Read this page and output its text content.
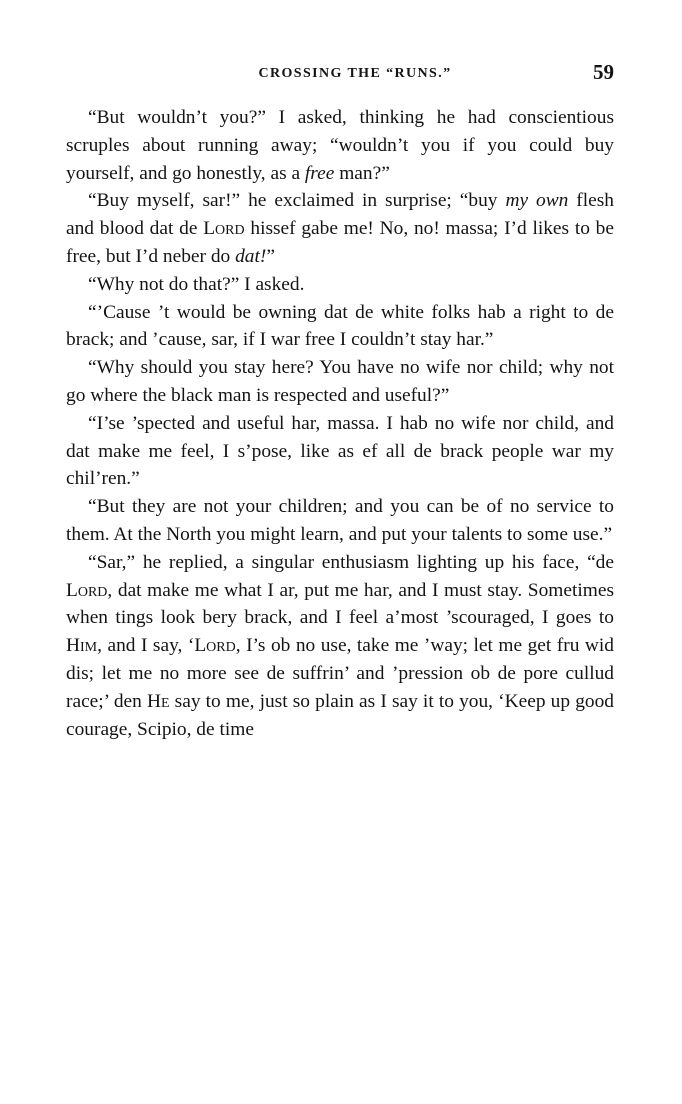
CROSSING THE “RUNS.”	59

“But wouldn’t you?” I asked, thinking he had conscientious scruples about running away; “wouldn’t you if you could buy yourself, and go honestly, as a free man?”

“Buy myself, sar!” he exclaimed in surprise; “buy my own flesh and blood dat de Lord hissef gabe me! No, no! massa; I’d likes to be free, but I’d neber do dat!”

“Why not do that?” I asked.

“’Cause ’t would be owning dat de white folks hab a right to de brack; and ’cause, sar, if I war free I couldn’t stay har.”

“Why should you stay here? You have no wife nor child; why not go where the black man is respected and useful?”

“I’se ’spected and useful har, massa. I hab no wife nor child, and dat make me feel, I s’pose, like as ef all de brack people war my chil’ren.”

“But they are not your children; and you can be of no service to them. At the North you might learn, and put your talents to some use.”

“Sar,” he replied, a singular enthusiasm lighting up his face, “de Lord, dat make me what I ar, put me har, and I must stay. Sometimes when tings look bery brack, and I feel a’most ’scouraged, I goes to Him, and I say, ‘Lord, I’s ob no use, take me ’way; let me get fru wid dis; let me no more see de suffrin’ and ’pression ob de pore cullud race;’ den He say to me, just so plain as I say it to you, ‘Keep up good courage, Scipio, de time
